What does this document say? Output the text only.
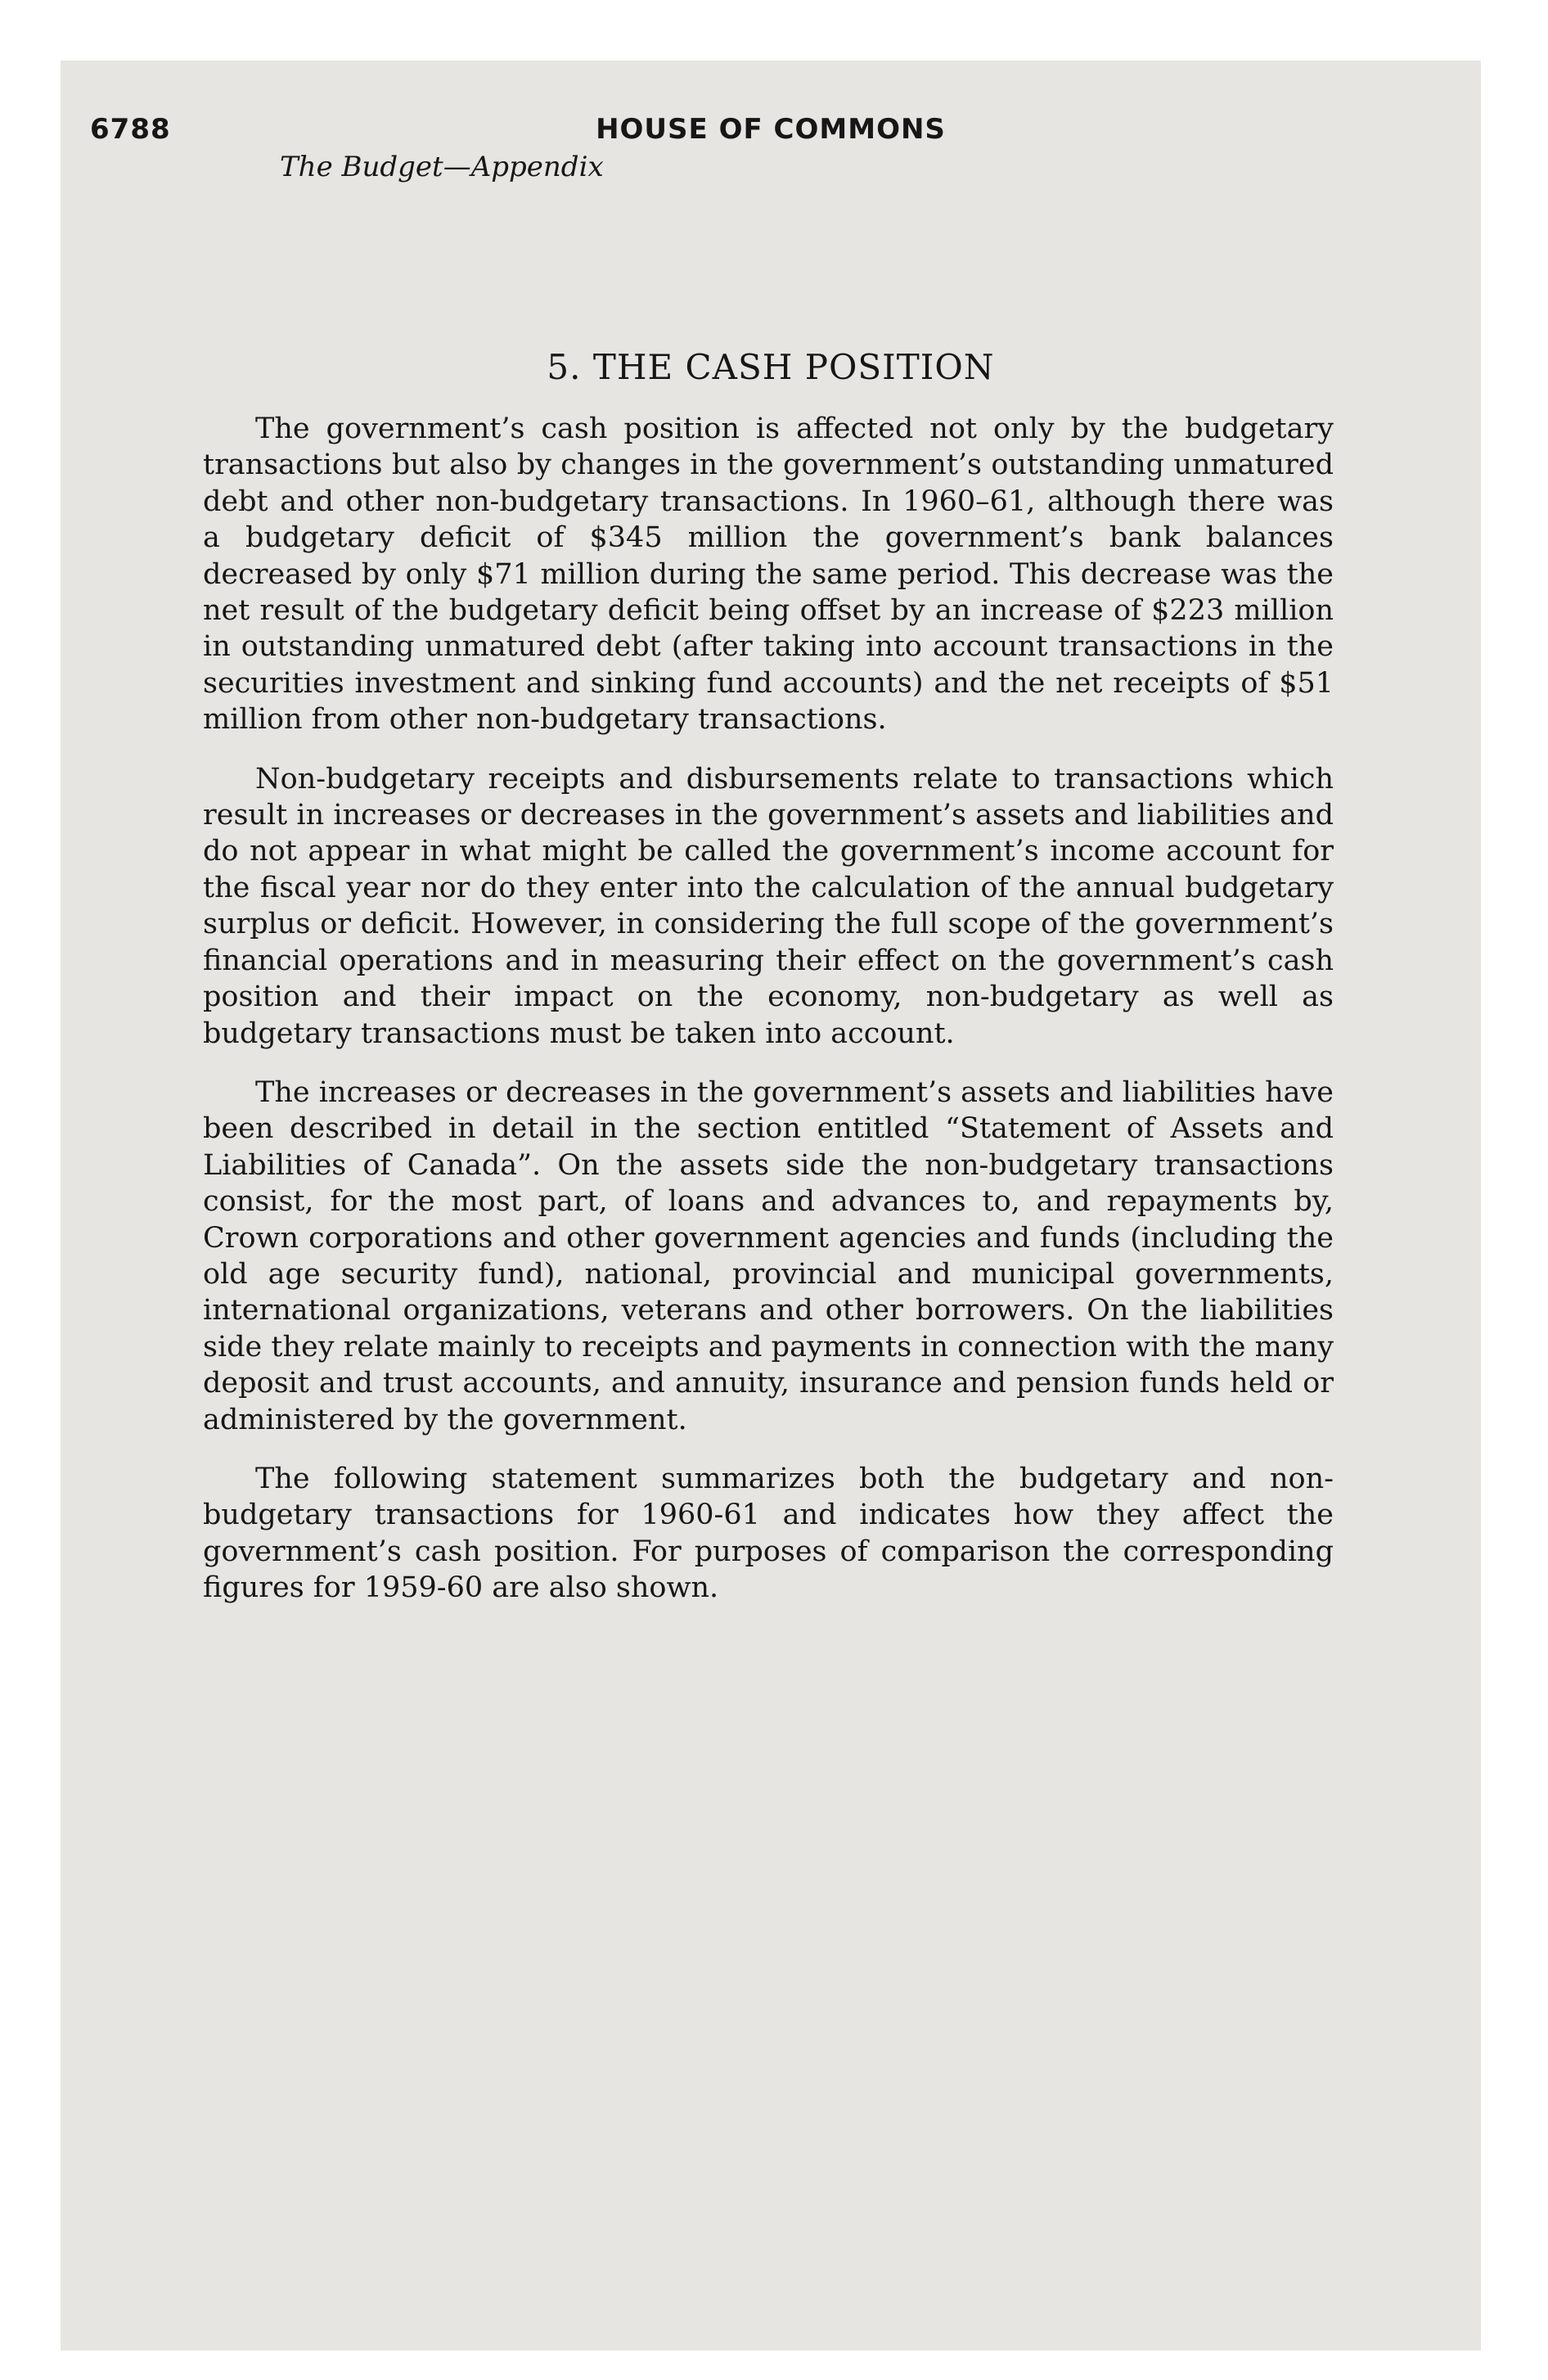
6788	HOUSE OF COMMONS
The Budget—Appendix
5. THE CASH POSITION

The government’s cash position is affected not only by the budgetary transactions but also by changes in the government’s outstanding unmatured debt and other non-budgetary transactions. In 1960–61, although there was a budgetary deficit of $345 million the government’s bank balances decreased by only $71 million during the same period. This decrease was the net result of the budgetary deficit being offset by an increase of $223 million in outstanding unmatured debt (after taking into account transactions in the securities investment and sinking fund accounts) and the net receipts of $51 million from other non-budgetary transactions.

Non-budgetary receipts and disbursements relate to transactions which result in increases or decreases in the government’s assets and liabilities and do not appear in what might be called the government’s income account for the fiscal year nor do they enter into the calculation of the annual budgetary surplus or deficit. However, in considering the full scope of the government’s financial operations and in measuring their effect on the government’s cash position and their impact on the economy, non-budgetary as well as budgetary transactions must be taken into account.

The increases or decreases in the government’s assets and liabilities have been described in detail in the section entitled “Statement of Assets and Liabilities of Canada”. On the assets side the non-budgetary transactions consist, for the most part, of loans and advances to, and repayments by, Crown corporations and other government agencies and funds (including the old age security fund), national, provincial and municipal governments, international organizations, veterans and other borrowers. On the liabilities side they relate mainly to receipts and payments in connection with the many deposit and trust accounts, and annuity, insurance and pension funds held or administered by the government.

The following statement summarizes both the budgetary and non-budgetary transactions for 1960-61 and indicates how they affect the government’s cash position. For purposes of comparison the corresponding figures for 1959-60 are also shown.
